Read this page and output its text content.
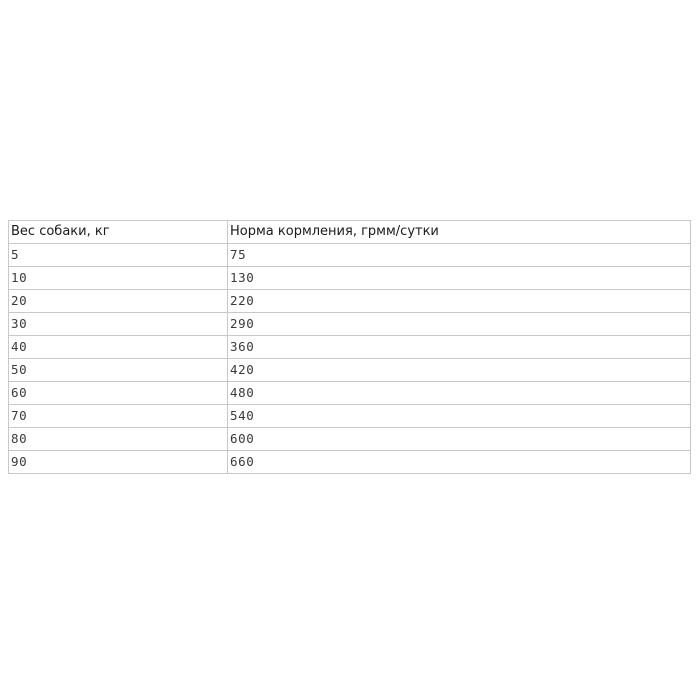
Вес собаки, кг	Норма кормления, грмм/сутки
5	75
10	130
20	220
30	290
40	360
50	420
60	480
70	540
80	600
90	660
